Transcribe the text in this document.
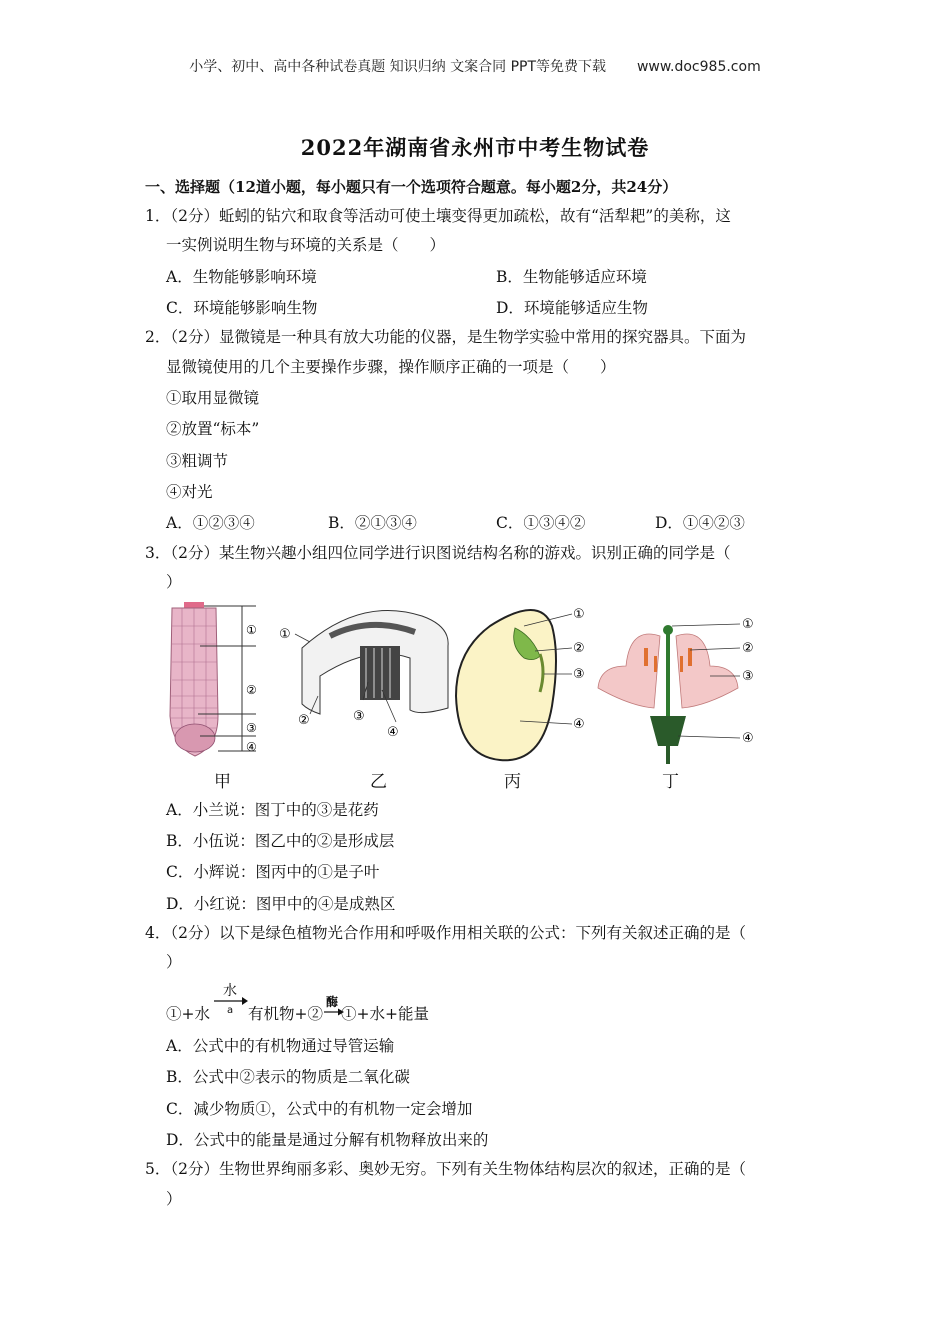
小学、初中、高中各种试卷真题 知识归纳 文案合同 PPT等免费下载 www.doc985.com
2022年湖南省永州市中考生物试卷
一、选择题（12道小题，每小题只有一个选项符合题意。每小题2分，共24分）
1．（2分）蚯蚓的钻穴和取食等活动可使土壤变得更加疏松，故有“活犁耙”的美称，这
一实例说明生物与环境的关系是（　　）
A．生物能够影响环境	B．生物能够适应环境
C．环境能够影响生物	D．环境能够适应生物
2．（2分）显微镜是一种具有放大功能的仪器，是生物学实验中常用的探究器具。下面为
显微镜使用的几个主要操作步骤，操作顺序正确的一项是（　　）
①取用显微镜
②放置“标本”
③粗调节
④对光
A．①②③④	B．②①③④	C．①③④②	D．①④②③
3．（2分）某生物兴趣小组四位同学进行识图说结构名称的游戏。识别正确的同学是（
）
①
②
③
④
①
②	③
④
①
②
③
④
①
②
③
④
甲	乙	丙	丁
A．小兰说：图丁中的③是花药
B．小伍说：图乙中的②是形成层
C．小辉说：图丙中的①是子叶
D．小红说：图甲中的④是成熟区
4．（2分）以下是绿色植物光合作用和呼吸作用相关联的公式：下列有关叙述正确的是（
）
①+水
水
a 有机物+②
酶
①+水+能量
A．公式中的有机物通过导管运输
B．公式中②表示的物质是二氧化碳
C．减少物质①，公式中的有机物一定会增加
D．公式中的能量是通过分解有机物释放出来的
5．（2分）生物世界绚丽多彩、奥妙无穷。下列有关生物体结构层次的叙述，正确的是（
）
